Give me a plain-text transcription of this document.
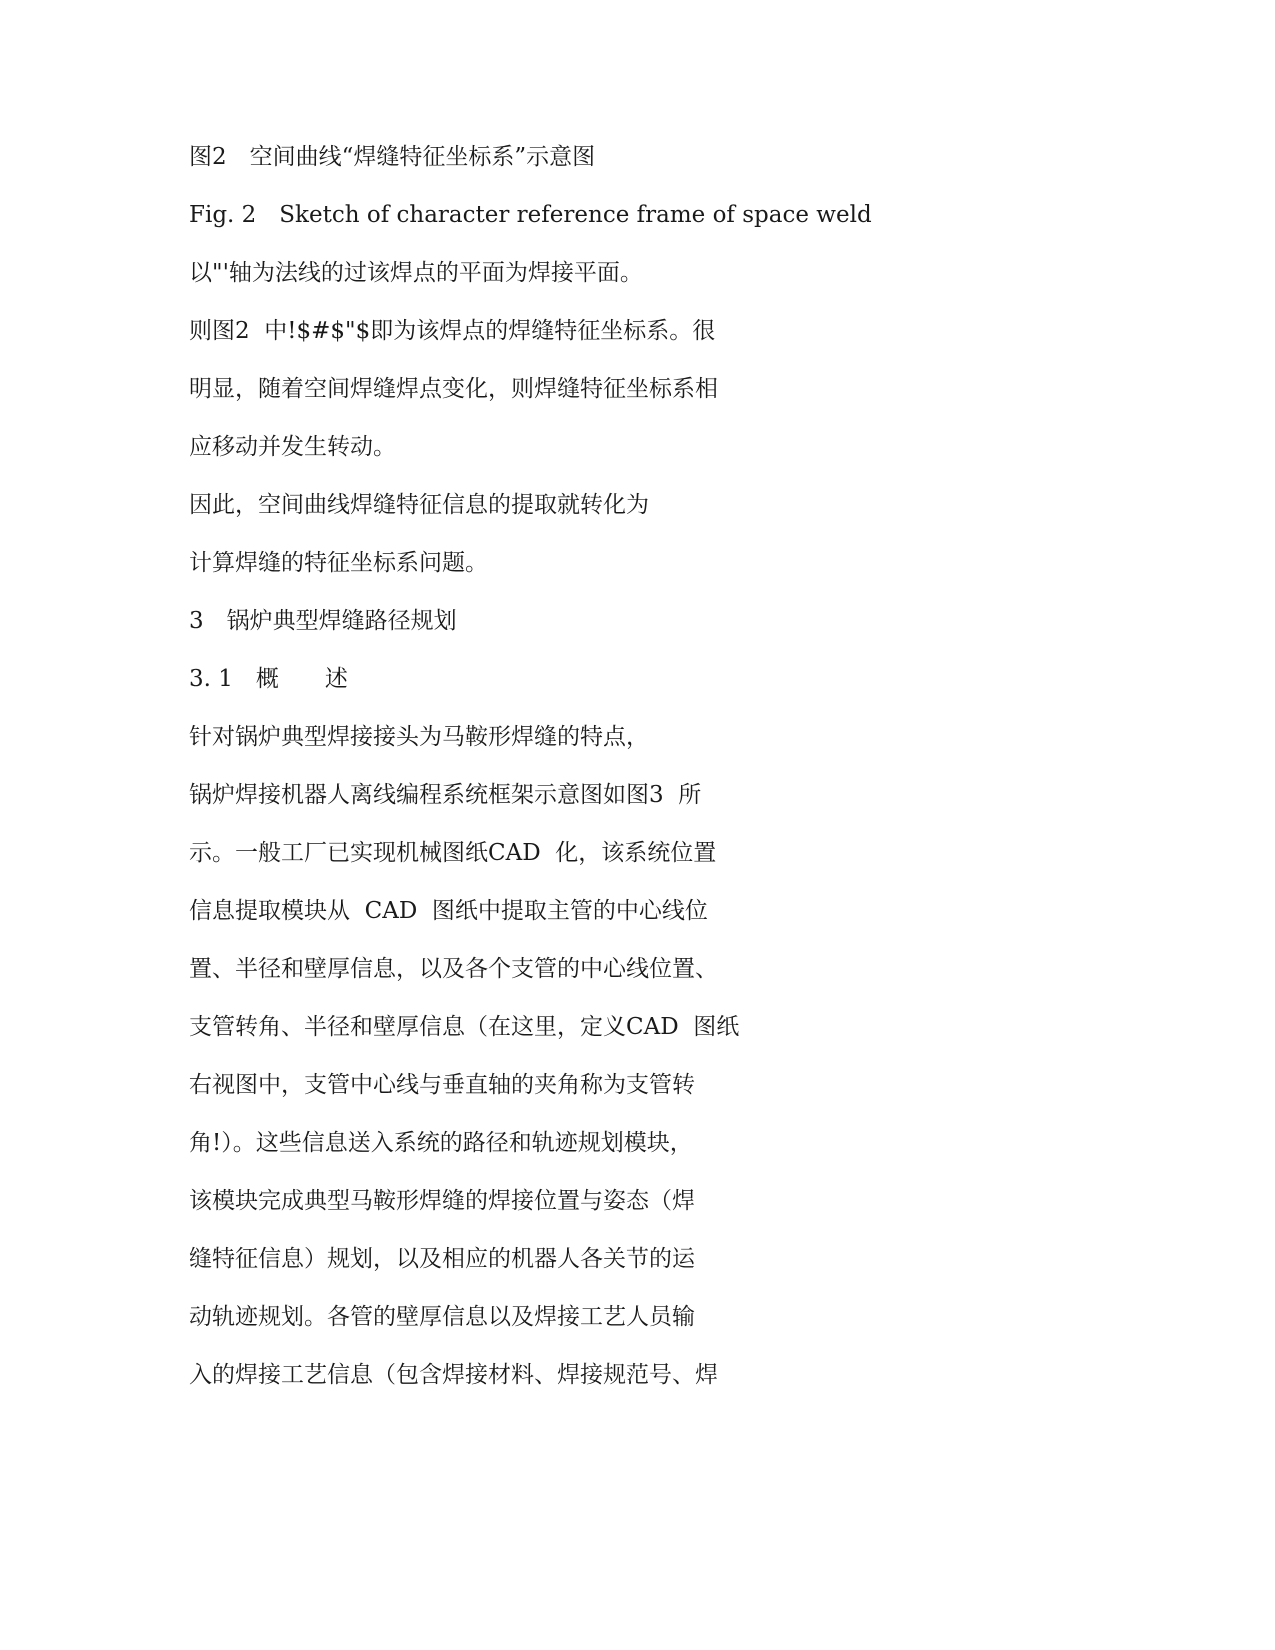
图2　空间曲线“焊缝特征坐标系”示意图

Fig. 2　Sketch of character reference frame of space weld

以"'轴为法线的过该焊点的平面为焊接平面。

则图2  中!$#$"$即为该焊点的焊缝特征坐标系。很

明显，随着空间焊缝焊点变化，则焊缝特征坐标系相

应移动并发生转动。

因此，空间曲线焊缝特征信息的提取就转化为

计算焊缝的特征坐标系问题。

3　锅炉典型焊缝路径规划

3. 1　概　　述

针对锅炉典型焊接接头为马鞍形焊缝的特点，

锅炉焊接机器人离线编程系统框架示意图如图3  所

示。一般工厂已实现机械图纸CAD  化，该系统位置

信息提取模块从  CAD  图纸中提取主管的中心线位

置、半径和壁厚信息，以及各个支管的中心线位置、

支管转角、半径和壁厚信息（在这里，定义CAD  图纸

右视图中，支管中心线与垂直轴的夹角称为支管转

角!）。这些信息送入系统的路径和轨迹规划模块，

该模块完成典型马鞍形焊缝的焊接位置与姿态（焊

缝特征信息）规划，以及相应的机器人各关节的运

动轨迹规划。各管的壁厚信息以及焊接工艺人员输

入的焊接工艺信息（包含焊接材料、焊接规范号、焊
